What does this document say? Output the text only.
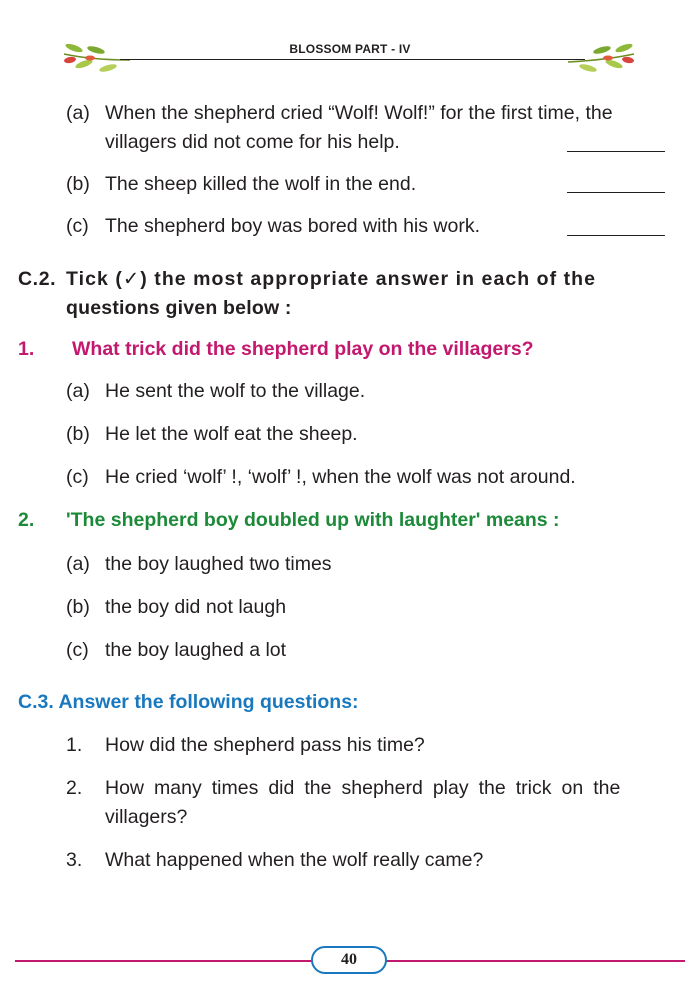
BLOSSOM PART - IV
(a) When the shepherd cried “Wolf! Wolf!” for the first time, the
villagers did not come for his help.
(b) The sheep killed the wolf in the end.
(c) The shepherd boy was bored with his work.
C.2. Tick (✓) the most appropriate answer in each of the
questions given below :
1. What trick did the shepherd play on the villagers?
(a) He sent the wolf to the village.
(b) He let the wolf eat the sheep.
(c) He cried ‘wolf’ !, ‘wolf’ !, when the wolf was not around.
2. 'The shepherd boy doubled up with laughter' means :
(a) the boy laughed two times
(b) the boy did not laugh
(c) the boy laughed a lot
C.3. Answer the following questions:
1. How did the shepherd pass his time?
2. How many times did the shepherd play the trick on the
villagers?
3. What happened when the wolf really came?
40
